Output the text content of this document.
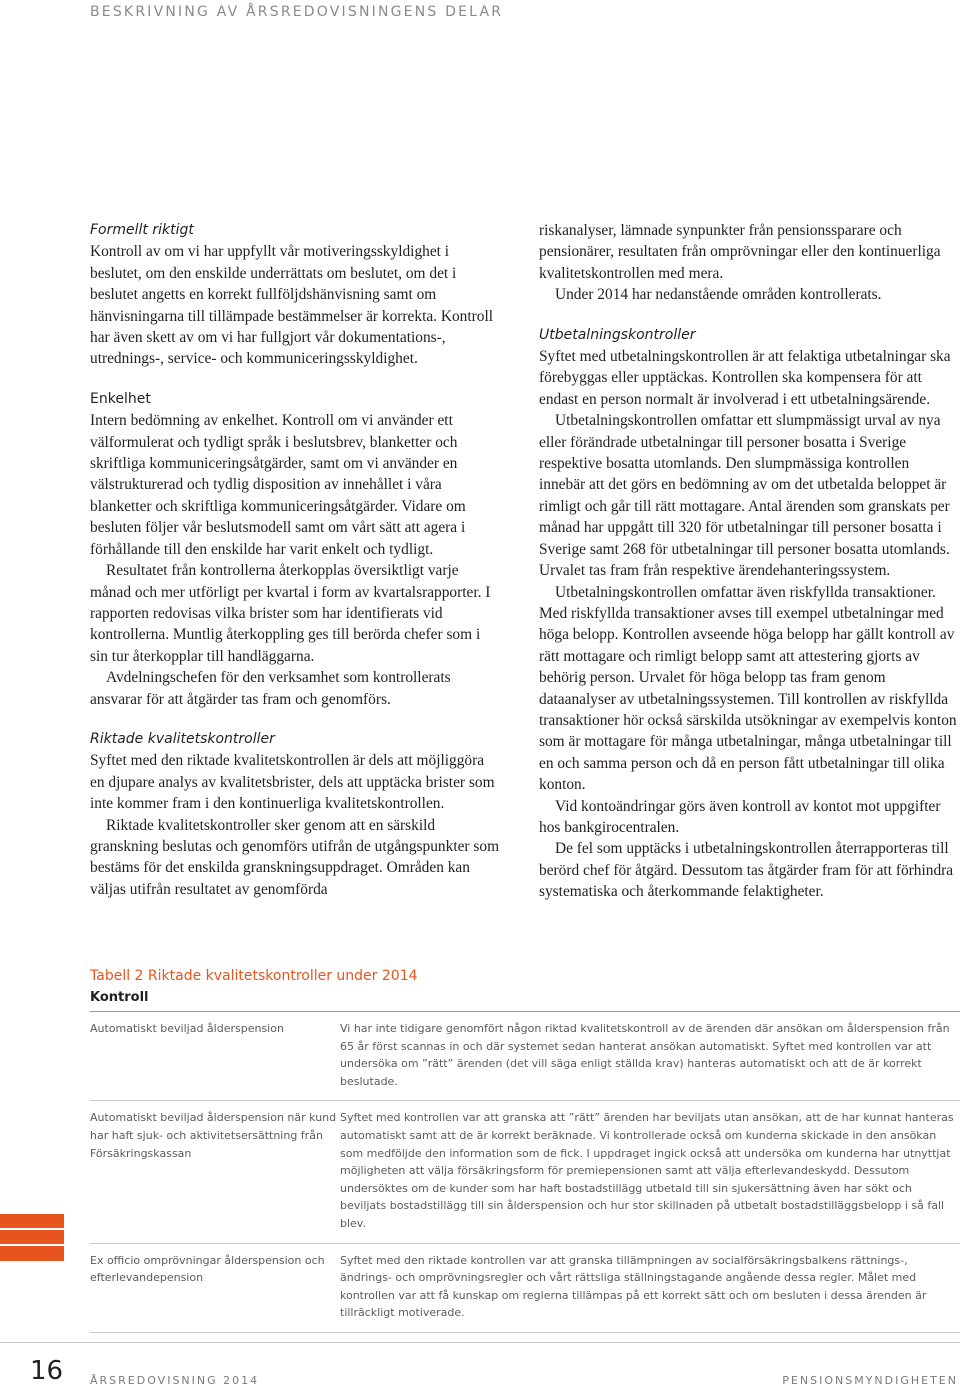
BESKRIVNING AV ÅRSREDOVISNINGENS DELAR
Formellt riktigt

Kontroll av om vi har uppfyllt vår motiveringsskyldighet i beslutet, om den enskilde underrättats om beslutet, om det i beslutet angetts en korrekt fullföljdshänvisning samt om hänvisningarna till tillämpade bestämmelser är korrekta. Kontroll har även skett av om vi har fullgjort vår dokumentations-, utrednings-, service- och kommuniceringsskyldighet.

Enkelhet

Intern bedömning av enkelhet. Kontroll om vi använder ett välformulerat och tydligt språk i beslutsbrev, blanketter och skriftliga kommuniceringsåtgärder, samt om vi använder en välstrukturerad och tydlig disposition av innehållet i våra blanketter och skriftliga kommuniceringsåtgärder. Vidare om besluten följer vår beslutsmodell samt om vårt sätt att agera i förhållande till den enskilde har varit enkelt och tydligt.

Resultatet från kontrollerna återkopplas översiktligt varje månad och mer utförligt per kvartal i form av kvartalsrapporter. I rapporten redovisas vilka brister som har identifierats vid kontrollerna. Muntlig återkoppling ges till berörda chefer som i sin tur återkopplar till handläggarna.

Avdelningschefen för den verksamhet som kontrollerats ansvarar för att åtgärder tas fram och genomförs.

Riktade kvalitetskontroller

Syftet med den riktade kvalitetskontrollen är dels att möjliggöra en djupare analys av kvalitetsbrister, dels att upptäcka brister som inte kommer fram i den kontinuerliga kvalitetskontrollen.

Riktade kvalitetskontroller sker genom att en särskild granskning beslutas och genomförs utifrån de utgångspunkter som bestäms för det enskilda granskningsuppdraget. Områden kan väljas utifrån resultatet av genomförda

riskanalyser, lämnade synpunkter från pensionssparare och pensionärer, resultaten från omprövningar eller den kontinuerliga kvalitetskontrollen med mera.

Under 2014 har nedanstående områden kontrollerats.

Utbetalningskontroller

Syftet med utbetalningskontrollen är att felaktiga utbetalningar ska förebyggas eller upptäckas. Kontrollen ska kompensera för att endast en person normalt är involverad i ett utbetalningsärende.

Utbetalningskontrollen omfattar ett slumpmässigt urval av nya eller förändrade utbetalningar till personer bosatta i Sverige respektive bosatta utomlands. Den slumpmässiga kontrollen innebär att det görs en bedömning av om det utbetalda beloppet är rimligt och går till rätt mottagare. Antal ärenden som granskats per månad har uppgått till 320 för utbetalningar till personer bosatta i Sverige samt 268 för utbetalningar till personer bosatta utomlands. Urvalet tas fram från respektive ärendehanteringssystem.

Utbetalningskontrollen omfattar även riskfyllda transaktioner. Med riskfyllda transaktioner avses till exempel utbetalningar med höga belopp. Kontrollen avseende höga belopp har gällt kontroll av rätt mottagare och rimligt belopp samt att attestering gjorts av behörig person. Urvalet för höga belopp tas fram genom dataanalyser av utbetalningssystemen. Till kontrollen av riskfyllda transaktioner hör också särskilda utsökningar av exempelvis konton som är mottagare för många utbetalningar, många utbetalningar till en och samma person och då en person fått utbetalningar till olika konton.

Vid kontoändringar görs även kontroll av kontot mot uppgifter hos bankgirocentralen.

De fel som upptäcks i utbetalningskontrollen återrapporteras till berörd chef för åtgärd. Dessutom tas åtgärder fram för att förhindra systematiska och återkommande felaktigheter.

Tabell 2 Riktade kvalitetskontroller under 2014
Kontroll
Automatiskt beviljad ålderspension	Vi har inte tidigare genomfört någon riktad kvalitetskontroll av de ärenden där ansökan om ålderspension från 65 år först scannas in och där systemet sedan hanterat ansökan automatiskt. Syftet med kontrollen var att undersöka om ”rätt” ärenden (det vill säga enligt ställda krav) hanteras automatiskt och att de är korrekt beslutade.
Automatiskt beviljad ålderspension när kund har haft sjuk- och aktivitetsersättning från Försäkringskassan
Syftet med kontrollen var att granska att ”rätt” ärenden har beviljats utan ansökan, att de har kunnat hanteras automatiskt samt att de är korrekt beräknade. Vi kontrollerade också om kunderna skickade in den ansökan som medföljde den information som de fick. I uppdraget ingick också att undersöka om kunderna har utnyttjat möjligheten att välja försäkringsform för premiepensionen samt att välja efterlevandeskydd. Dessutom undersöktes om de kunder som har haft bostadstillägg utbetald till sin sjukersättning även har sökt och beviljats bostadstillägg till sin ålderspension och hur stor skillnaden på utbetalt bostadstilläggsbelopp i så fall blev.
Ex officio omprövningar ålderspension och efterlevandepension
Syftet med den riktade kontrollen var att granska tillämpningen av socialförsäkringsbalkens rättnings-, ändrings- och omprövningsregler och vårt rättsliga ställningstagande angående dessa regler. Målet med kontrollen var att få kunskap om reglerna tillämpas på ett korrekt sätt och om besluten i dessa ärenden är tillräckligt motiverade.
16 ÅRSREDOVISNING 2014	PENSIONSMYNDIGHETEN
